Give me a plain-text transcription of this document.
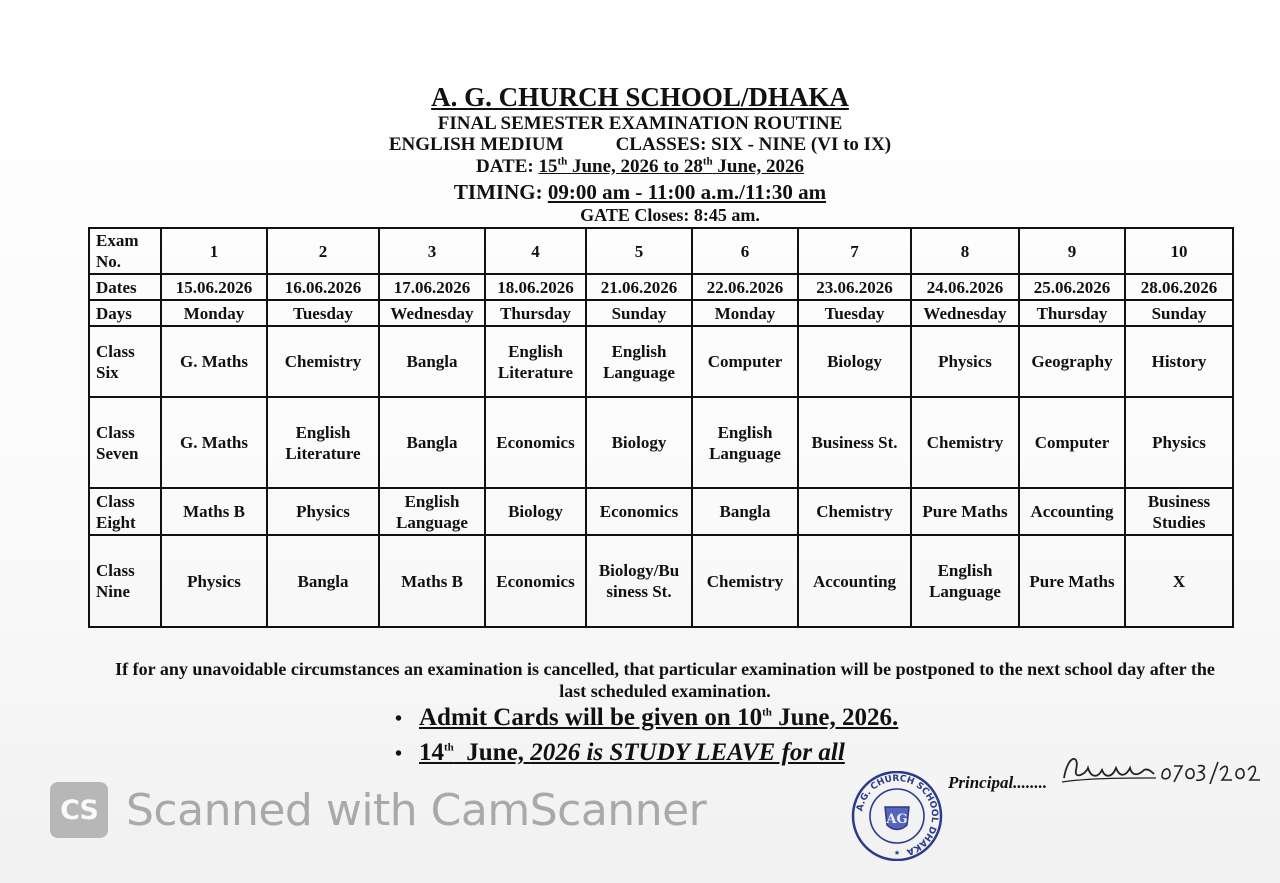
A. G. CHURCH SCHOOL/DHAKA
FINAL SEMESTER EXAMINATION ROUTINE
ENGLISH MEDIUM	CLASSES: SIX - NINE (VI to IX)
DATE: 15th June, 2026 to 28th June, 2026
TIMING: 09:00 am - 11:00 a.m./11:30 am
GATE Closes: 8:45 am.
Exam No.	1	2	3	4	5	6	7	8	9	10
Dates	15.06.2026	16.06.2026	17.06.2026	18.06.2026	21.06.2026	22.06.2026	23.06.2026	24.06.2026	25.06.2026	28.06.2026
Days	Monday	Tuesday	Wednesday	Thursday	Sunday	Monday	Tuesday	Wednesday	Thursday	Sunday
Class Six	G. Maths	Chemistry	Bangla	English Literature	English Language	Computer	Biology	Physics	Geography	History
Class Seven	G. Maths	English Literature	Bangla	Economics	Biology	English Language	Business St.	Chemistry	Computer	Physics
Class Eight	Maths B	Physics	English Language	Biology	Economics	Bangla	Chemistry	Pure Maths	Accounting	Business Studies
Class Nine	Physics	Bangla	Maths B	Economics	Biology/Bu siness St.	Chemistry	Accounting	English Language	Pure Maths	X
If for any unavoidable circumstances an examination is cancelled, that particular examination will be postponed to the next school day after the last scheduled examination.
• Admit Cards will be given on 10th June, 2026.
• 14th  June, 2026 is STUDY LEAVE for all
Principal........
A.G. CHURCH SCHOOL DHAKA
AG
★
CS Scanned with CamScanner
